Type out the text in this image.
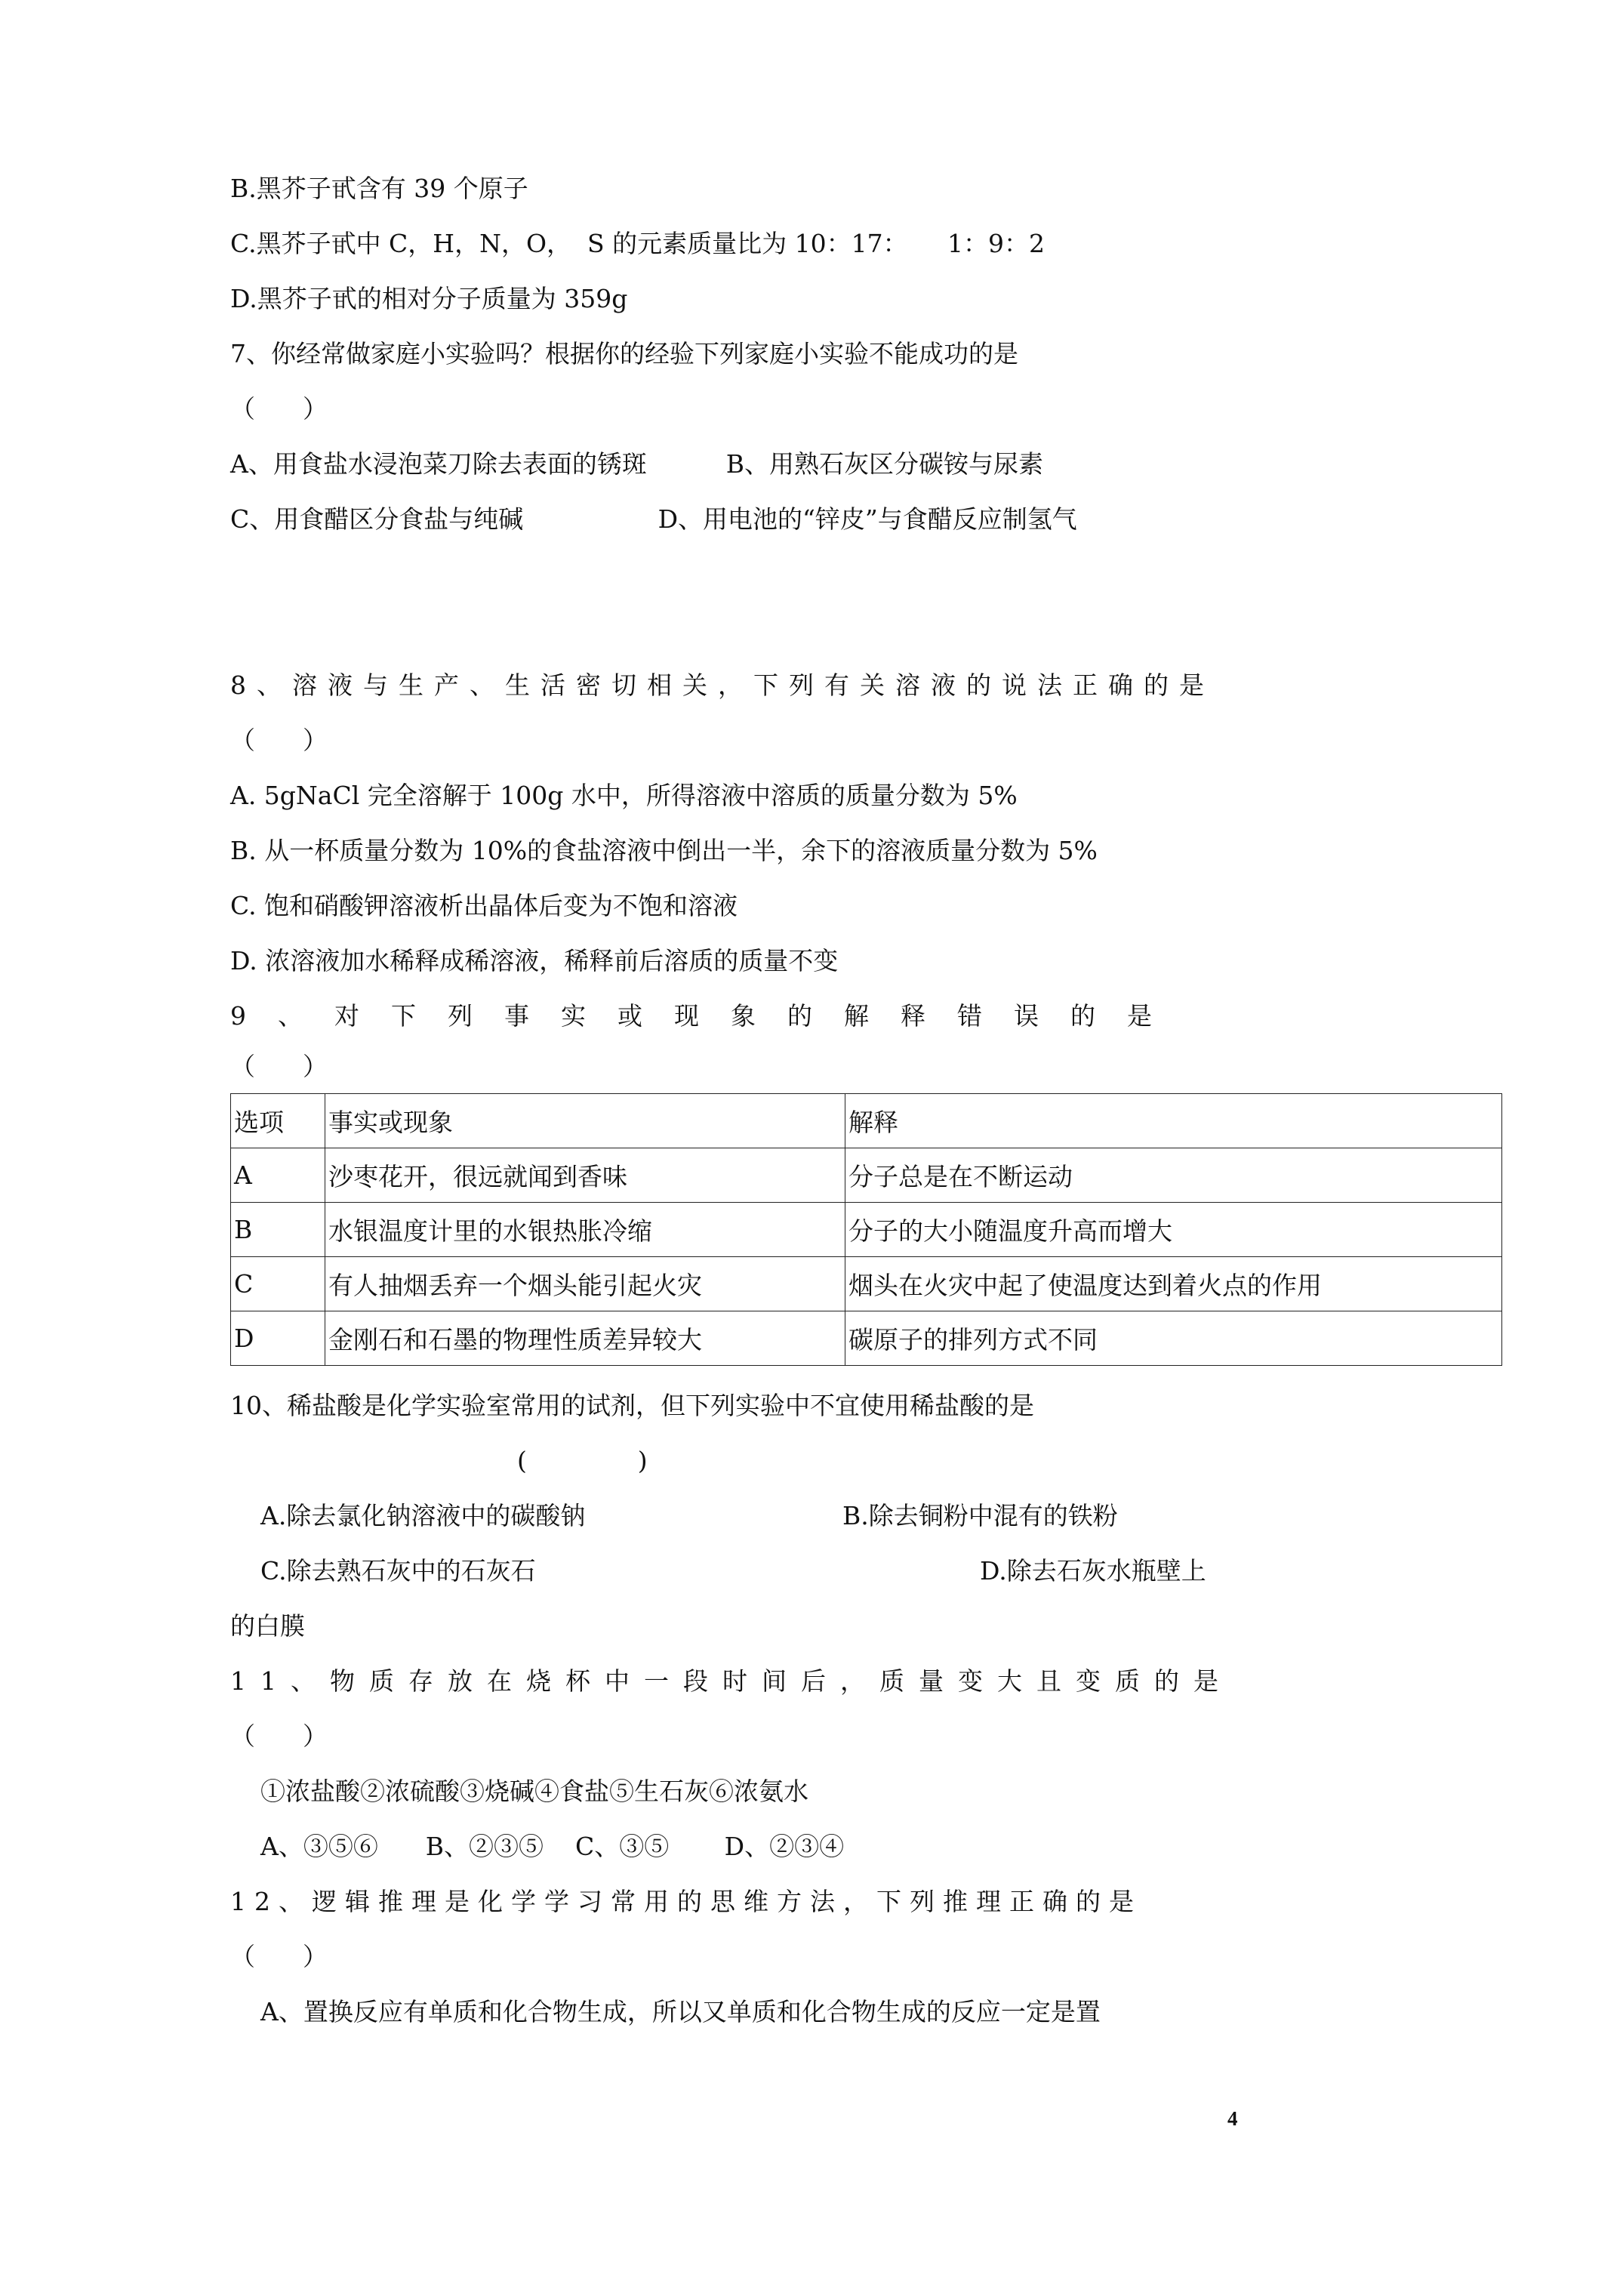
B.黑芥子甙含有 39 个原子
C.黑芥子甙中 C，H，N，O，  S 的元素质量比为 10：17：     1：9：2
D.黑芥子甙的相对分子质量为 359g
7、你经常做家庭小实验吗？根据你的经验下列家庭小实验不能成功的是
（      ）
A、用食盐水浸泡菜刀除去表面的锈斑          B、用熟石灰区分碳铵与尿素
C、用食醋区分食盐与纯碱                 D、用电池的“锌皮”与食醋反应制氢气
8、溶液与生产、生活密切相关，下列有关溶液的说法正确的是
（      ）
A. 5gNaCl 完全溶解于 100g 水中，所得溶液中溶质的质量分数为 5%
B. 从一杯质量分数为 10%的食盐溶液中倒出一半，余下的溶液质量分数为 5%
C. 饱和硝酸钾溶液析出晶体后变为不饱和溶液
D. 浓溶液加水稀释成稀溶液，稀释前后溶质的质量不变
9、对下列事实或现象的解释错误的是
（      ）
选项	事实或现象	解释
A	沙枣花开，很远就闻到香味	分子总是在不断运动
B	水银温度计里的水银热胀冷缩	分子的大小随温度升高而增大
C	有人抽烟丢弃一个烟头能引起火灾	烟头在火灾中起了使温度达到着火点的作用
D	金刚石和石墨的物理性质差异较大	碳原子的排列方式不同
10、稀盐酸是化学实验室常用的试剂，但下列实验中不宜使用稀盐酸的是
(              )
A.除去氯化钠溶液中的碳酸钠	B.除去铜粉中混有的铁粉
C.除去熟石灰中的石灰石	D.除去石灰水瓶壁上
的白膜
11、物质存放在烧杯中一段时间后，质量变大且变质的是
（      ）
①浓盐酸②浓硫酸③烧碱④食盐⑤生石灰⑥浓氨水
A、③⑤⑥      B、②③⑤    C、③⑤       D、②③④
12、逻辑推理是化学学习常用的思维方法，下列推理正确的是
（      ）
A、置换反应有单质和化合物生成，所以又单质和化合物生成的反应一定是置
4
